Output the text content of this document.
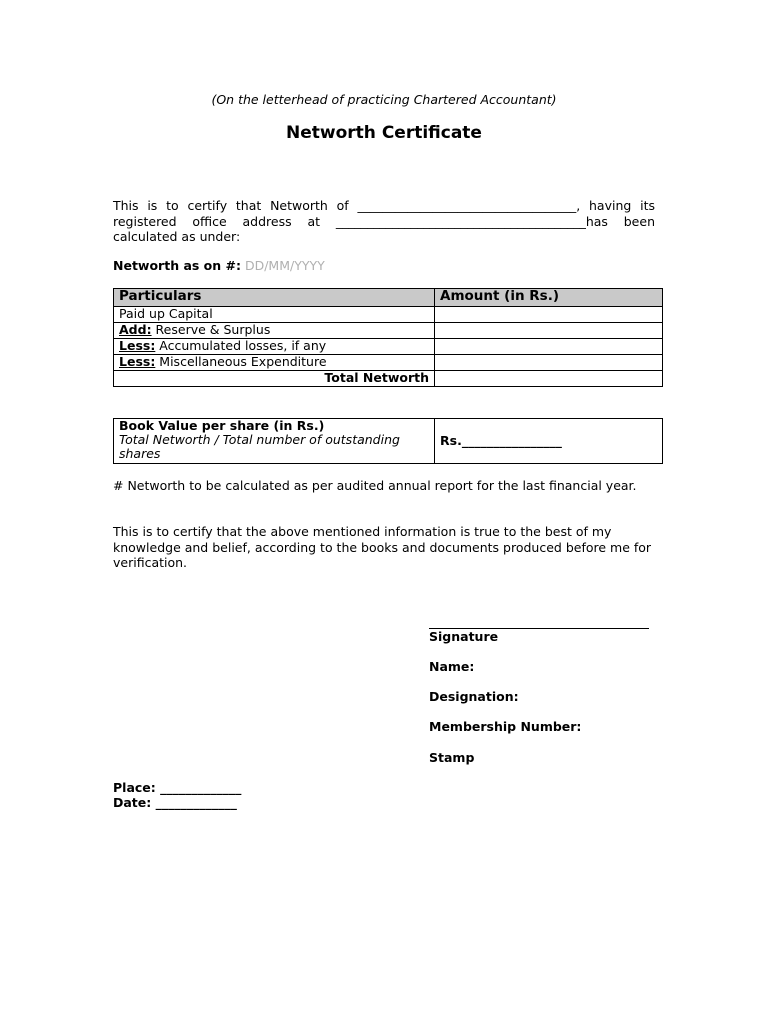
(On the letterhead of practicing Chartered Accountant)
Networth Certificate
This is to certify that Networth of ___________________________________, having its registered office address at ________________________________________has been calculated as under:
Networth as on #: DD/MM/YYYY
Particulars	Amount (in Rs.)
Paid up Capital	
Add: Reserve & Surplus	
Less: Accumulated losses, if any	
Less: Miscellaneous Expenditure	
Total Networth	
Book Value per share (in Rs.)
Total Networth / Total number of outstanding shares	Rs.________________
# Networth to be calculated as per audited annual report for the last financial year.
This is to certify that the above mentioned information is true to the best of my knowledge and belief, according to the books and documents produced before me for verification.
Signature
Name:
Designation:
Membership Number:
Stamp
Place: _____________
Date: _____________
